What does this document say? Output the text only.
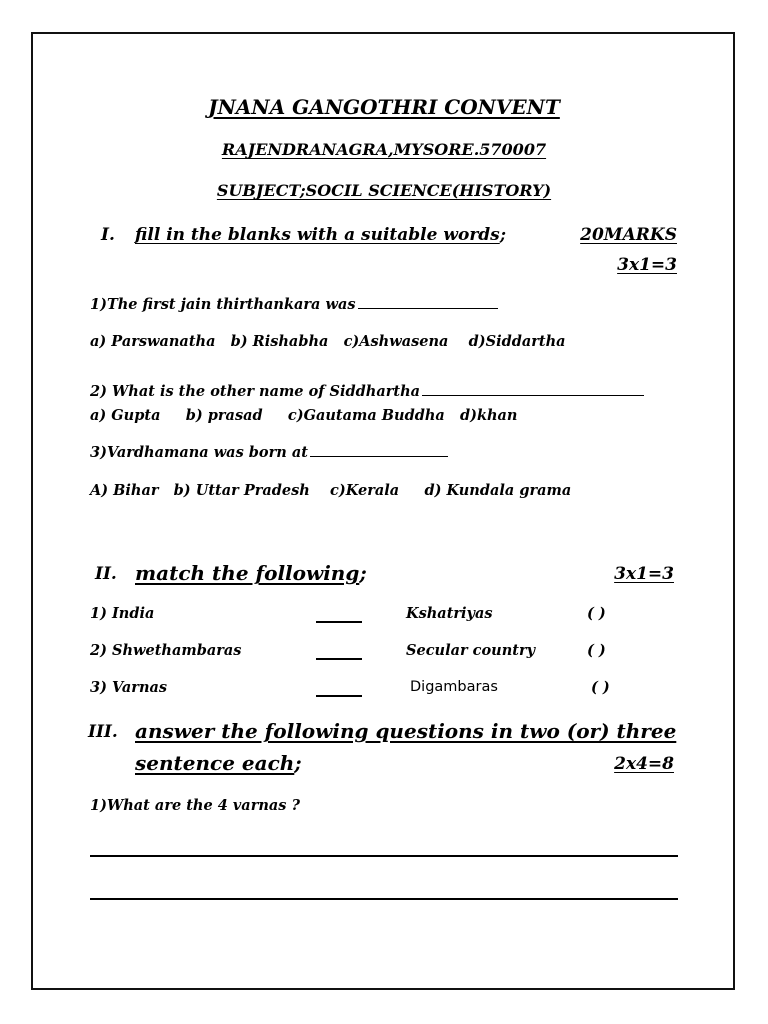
JNANA GANGOTHRI CONVENT
RAJENDRANAGRA,MYSORE.570007
SUBJECT;SOCIL SCIENCE(HISTORY)
I. fill in the blanks with a suitable words;	20MARKS
3x1=3
1)The first jain thirthankara was
a) Parswanatha b) Rishabha c)Ashwasena d)Siddartha
2) What is the other name of Siddhartha
a) Gupta b) prasad c)Gautama Buddha d)khan
3)Vardhamana was born at
A) Bihar b) Uttar Pradesh c)Kerala d) Kundala grama
II. match the following;	3x1=3
1) India	Kshatriyas	( )
2) Shwethambaras	Secular country	( )
3) Varnas	Digambaras	( )
III. answer the following questions in two (or) three
sentence each;	2x4=8
1)What are the 4 varnas ?
